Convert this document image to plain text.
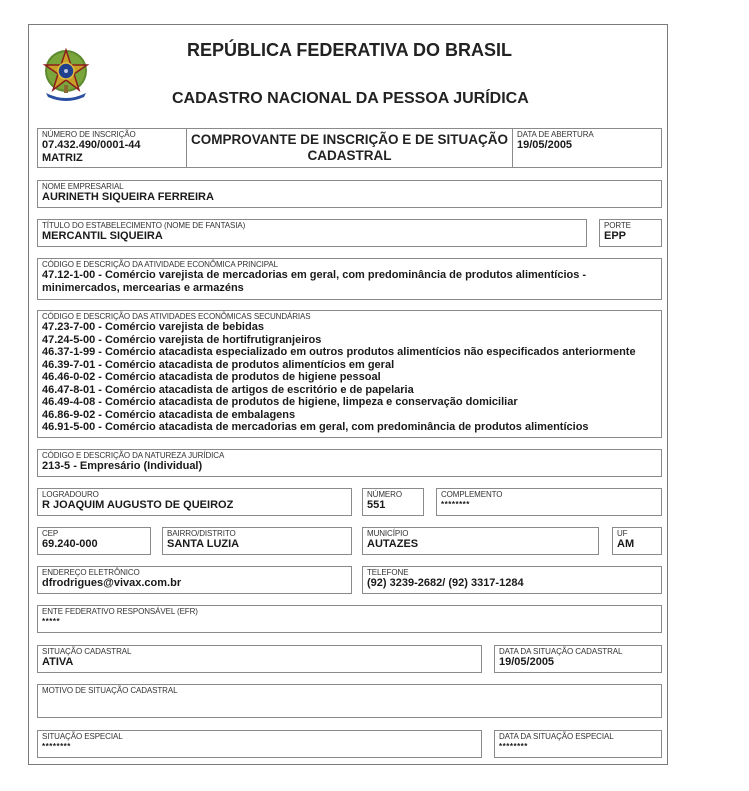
REPÚBLICA FEDERATIVA DO BRASIL
CADASTRO NACIONAL DA PESSOA JURÍDICA
NÚMERO DE INSCRIÇÃO
07.432.490/0001-44
MATRIZ
COMPROVANTE DE INSCRIÇÃO E DE SITUAÇÃO
CADASTRAL
DATA DE ABERTURA
19/05/2005
NOME EMPRESARIAL
AURINETH SIQUEIRA FERREIRA
TÍTULO DO ESTABELECIMENTO (NOME DE FANTASIA)
MERCANTIL SIQUEIRA
PORTE
EPP
CÓDIGO E DESCRIÇÃO DA ATIVIDADE ECONÔMICA PRINCIPAL
47.12-1-00 - Comércio varejista de mercadorias em geral, com predominância de produtos alimentícios - minimercados, mercearias e armazéns
CÓDIGO E DESCRIÇÃO DAS ATIVIDADES ECONÔMICAS SECUNDÁRIAS
47.23-7-00 - Comércio varejista de bebidas
47.24-5-00 - Comércio varejista de hortifrutigranjeiros
46.37-1-99 - Comércio atacadista especializado em outros produtos alimentícios não especificados anteriormente
46.39-7-01 - Comércio atacadista de produtos alimentícios em geral
46.46-0-02 - Comércio atacadista de produtos de higiene pessoal
46.47-8-01 - Comércio atacadista de artigos de escritório e de papelaria
46.49-4-08 - Comércio atacadista de produtos de higiene, limpeza e conservação domiciliar
46.86-9-02 - Comércio atacadista de embalagens
46.91-5-00 - Comércio atacadista de mercadorias em geral, com predominância de produtos alimentícios
CÓDIGO E DESCRIÇÃO DA NATUREZA JURÍDICA
213-5 - Empresário (Individual)
LOGRADOURO
R JOAQUIM AUGUSTO DE QUEIROZ
NÚMERO
551
COMPLEMENTO
********
CEP
69.240-000
BAIRRO/DISTRITO
SANTA LUZIA
MUNICÍPIO
AUTAZES
UF
AM
ENDEREÇO ELETRÔNICO
dfrodrigues@vivax.com.br
TELEFONE
(92) 3239-2682/ (92) 3317-1284
ENTE FEDERATIVO RESPONSÁVEL (EFR)
*****
SITUAÇÃO CADASTRAL
ATIVA
DATA DA SITUAÇÃO CADASTRAL
19/05/2005
MOTIVO DE SITUAÇÃO CADASTRAL
SITUAÇÃO ESPECIAL
********
DATA DA SITUAÇÃO ESPECIAL
********
